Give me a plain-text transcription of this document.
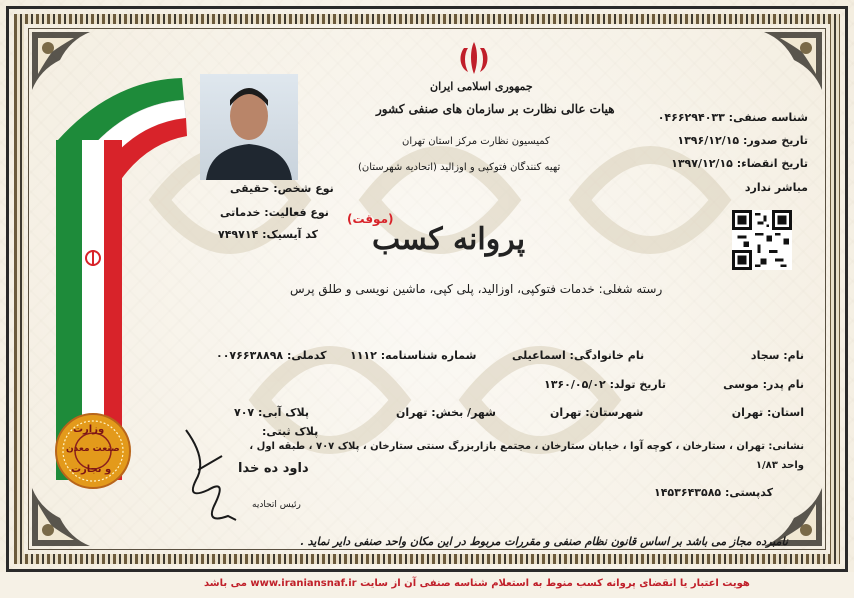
وزارت
صنعت معدن
و تجارت
جمهوری اسلامی ایران
هیات عالی نظارت بر سازمان های صنفی کشور
کمیسیون نظارت مرکز استان تهران
تهیه کنندگان فتوکپی و اوزالید (اتحادیه شهرستان)
پروانه کسب
(موقت)
شناسه صنفی: ۰۴۶۶۲۹۴۰۳۳
تاریخ صدور: ۱۳۹۶/۱۲/۱۵
تاریخ انقضاء: ۱۳۹۷/۱۲/۱۵
مباشر ندارد
نوع شخص: حقیقی
نوع فعالیت: خدماتی
کد آیسیک: ۷۴۹۷۱۴
رسته شغلی: خدمات فتوکپی، اوزالید، پلی کپی، ماشین نویسی و طلق پرس
نام: سجاد
نام خانوادگی: اسماعیلی
شماره شناسنامه: ۱۱۱۲
کدملی: ۰۰۷۶۶۳۸۸۹۸
نام پدر: موسی
تاریخ تولد: ۱۳۶۰/۰۵/۰۲
استان: تهران
شهرستان: تهران
شهر/ بخش: تهران
پلاک آبی: ۷۰۷
پلاک ثبتی:
نشانی: تهران ، ستارخان ، کوچه آوا ، خیابان ستارخان ، مجتمع بازاربزرگ سنتی ستارخان ، پلاک ۷۰۷ ، طبقه اول ،
واحد ۱/۸۳
کدپستی: ۱۴۵۳۶۴۳۵۸۵
داود ده خدا
رئیس اتحادیه
نامبرده مجاز می باشد بر اساس قانون نظام صنفی و مقررات مربوط در این مکان واحد صنفی دایر نماید .
هویت اعتبار یا انقضای پروانه کسب منوط به استعلام شناسه صنفی آن از سایت www.iraniansnaf.ir می باشد
